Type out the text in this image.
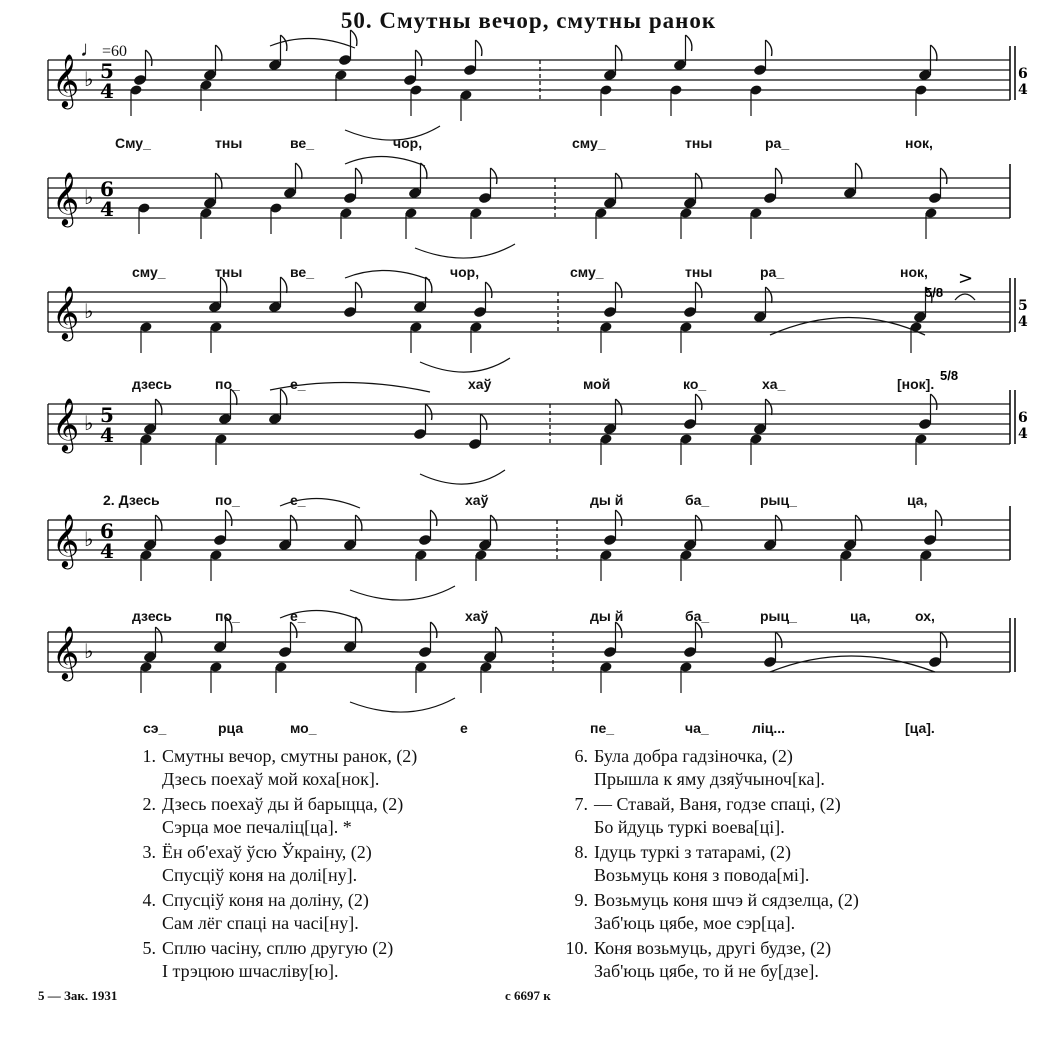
50. Смутны вечор, смутны ранок
♩=60
𝄞 ♭ 5
4
6
4
𝄞 ♭ 6
4
𝄞 ♭	5
4
𝄞 ♭ 5
4
6
4
𝄞 ♭ 6
4
𝄞 ♭
5/8
5/8
>
Сму_	тны	ве_	чор,	сму_	тны	ра_	нок,
сму_	тны	ве_	чор,	сму_	тны	ра_	нок,
дзесь	по_	е_	хаў	мой	ко_	ха_	[нок].
2. Дзесь	по_	е_	хаў	ды й	ба_	рыц_	ца,
дзесь	по_	е_	хаў	ды й	ба_	рыц_	ца,	ох,
сэ_	рца	мо_	е	пе_	ча_	ліц...	[ца].
1. Смутны вечор, смутны ранок, (2)
Дзесь поехаў мой коха[нок].
2. Дзесь поехаў ды й барыцца, (2)
Сэрца мое печаліц[ца]. *
3. Ён об'ехаў ўсю Ўкраіну, (2)
Спусціў коня на долі[ну].
4. Спусціў коня на доліну, (2)
Сам лёг спаці на часі[ну].
5. Сплю часіну, сплю другую (2)
І трэцюю шчасліву[ю].
6. Була добра гадзіночка, (2)
Прышла к яму дзяўчыноч[ка].
7. — Ставай, Ваня, годзе спаці, (2)
Бо йдуць туркі воева[ці].
8. Ідуць туркі з татарамі, (2)
Возьмуць коня з повода[мі].
9. Возьмуць коня шчэ й сядзелца, (2)
Заб'юць цябе, мое сэр[ца].
10. Коня возьмуць, другі будзе, (2)
Заб'юць цябе, то й не бу[дзе].
5 — Зак. 1931	с 6697 к
